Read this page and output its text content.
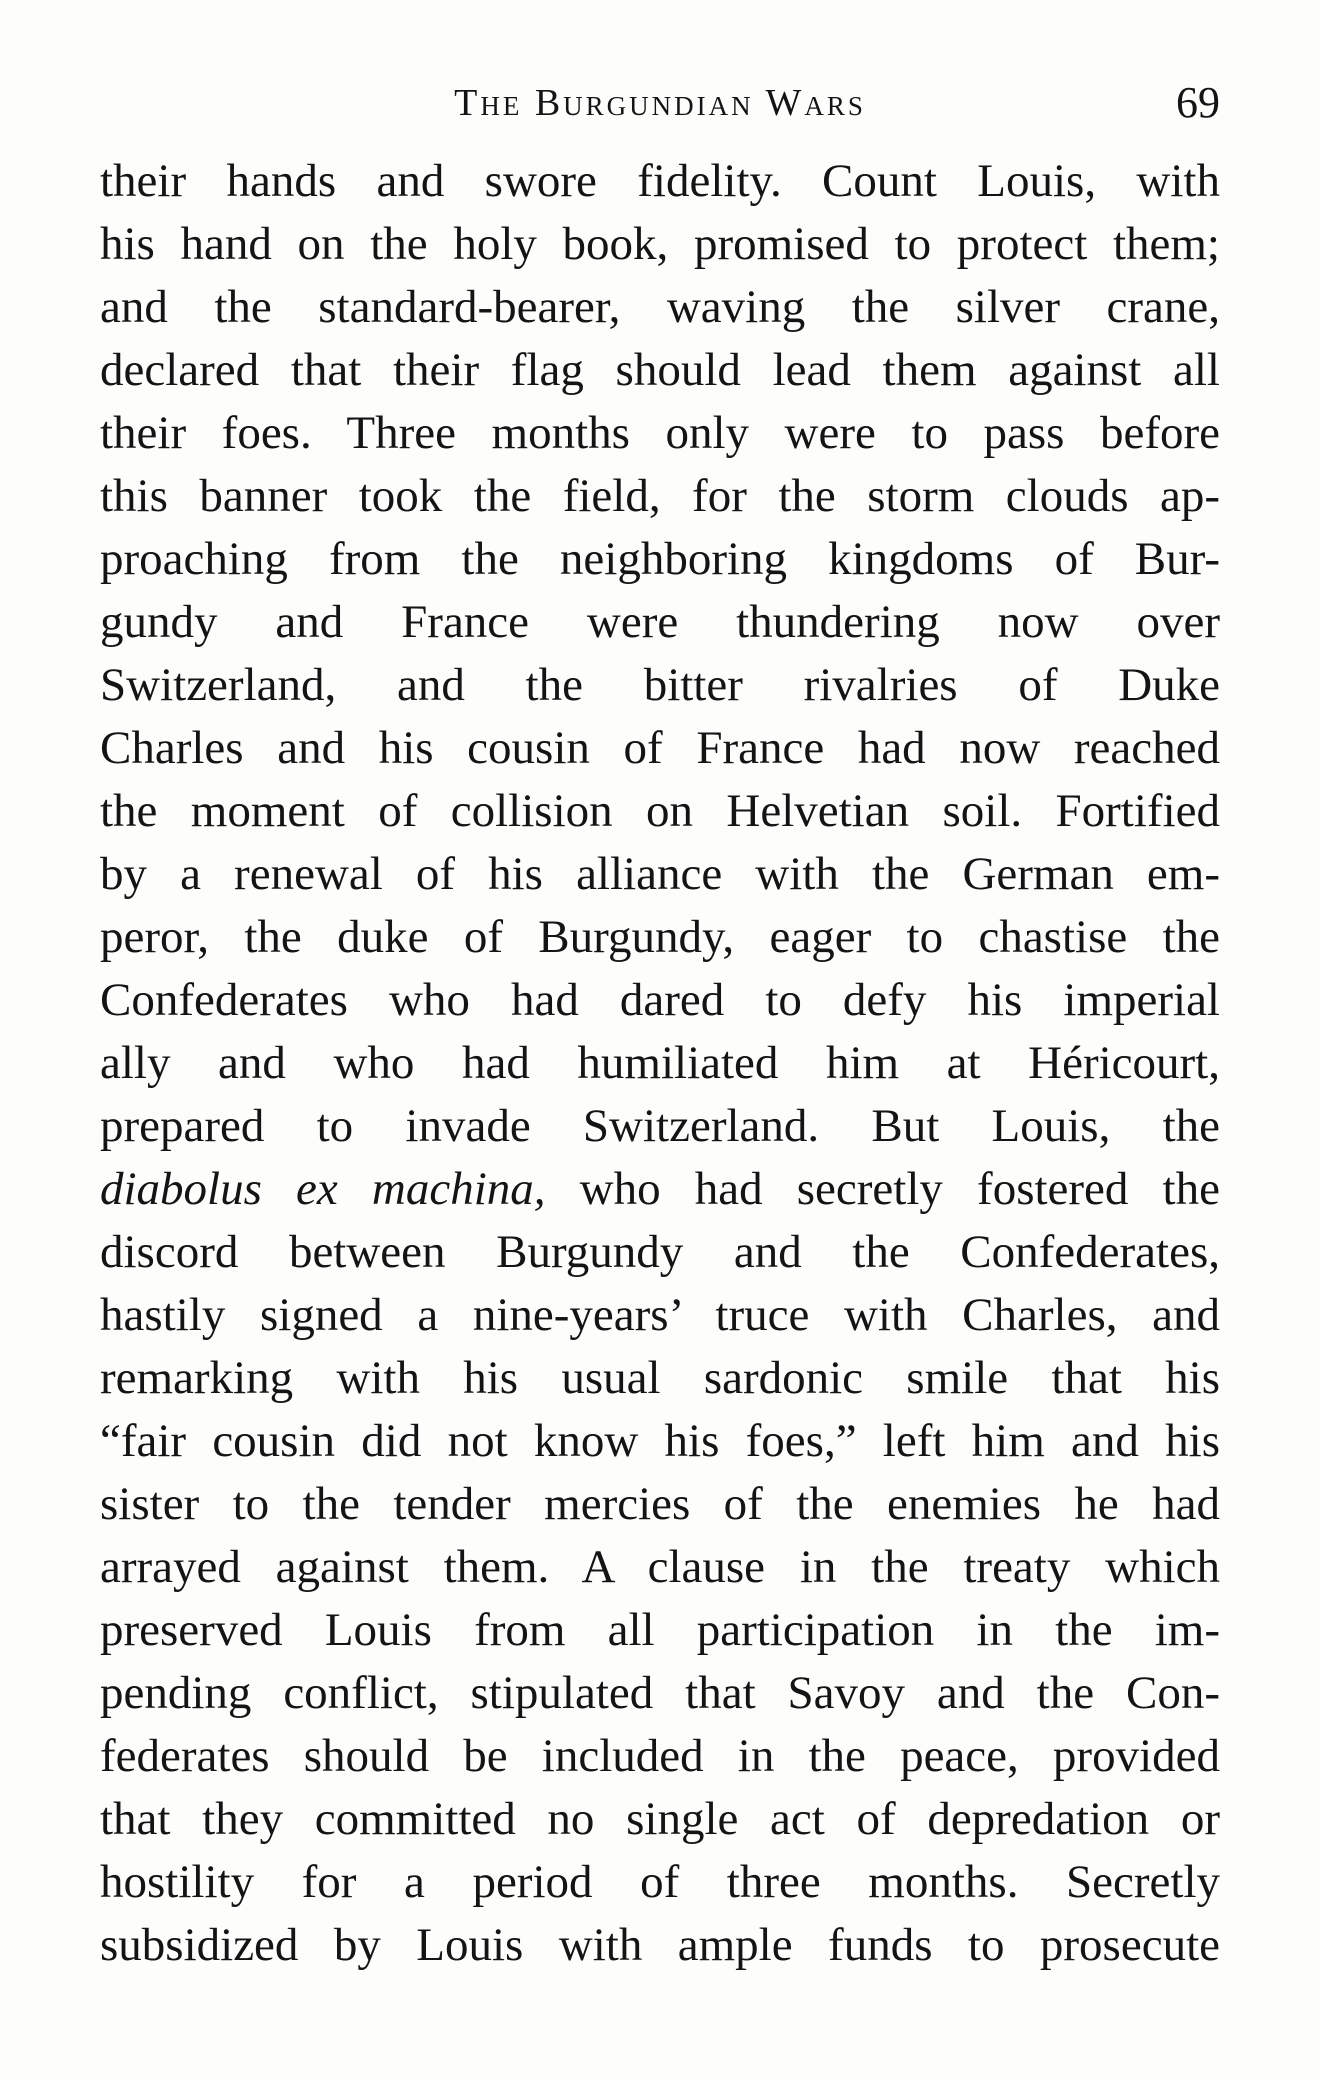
The Burgundian Wars	69
their hands and swore fidelity. Count Louis, with
his hand on the holy book, promised to protect them;
and the standard-bearer, waving the silver crane,
declared that their flag should lead them against all
their foes. Three months only were to pass before
this banner took the field, for the storm clouds ap-
proaching from the neighboring kingdoms of Bur-
gundy and France were thundering now over
Switzerland, and the bitter rivalries of Duke
Charles and his cousin of France had now reached
the moment of collision on Helvetian soil. Fortified
by a renewal of his alliance with the German em-
peror, the duke of Burgundy, eager to chastise the
Confederates who had dared to defy his imperial
ally and who had humiliated him at Héricourt,
prepared to invade Switzerland. But Louis, the
diabolus ex machina, who had secretly fostered the
discord between Burgundy and the Confederates,
hastily signed a nine-years’ truce with Charles, and
remarking with his usual sardonic smile that his
“fair cousin did not know his foes,” left him and his
sister to the tender mercies of the enemies he had
arrayed against them. A clause in the treaty which
preserved Louis from all participation in the im-
pending conflict, stipulated that Savoy and the Con-
federates should be included in the peace, provided
that they committed no single act of depredation or
hostility for a period of three months. Secretly
subsidized by Louis with ample funds to prosecute
